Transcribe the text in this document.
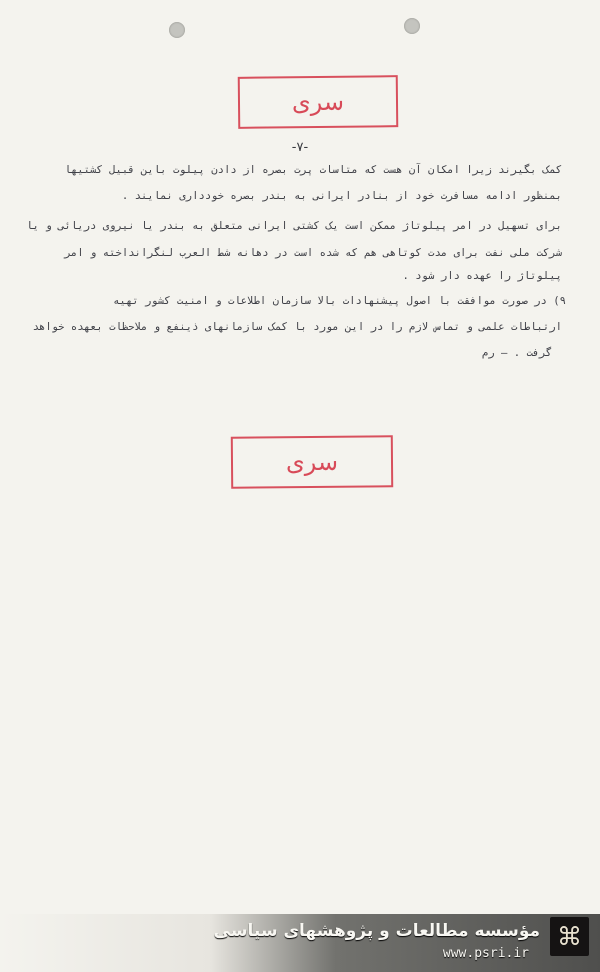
سری
-۷-
کمک بگیرند زیرا امکان آن هست که متاسات پرت بصره از دادن پیلوت باین قبیل کشتیها
بمنظور ادامه مسافرت خود از بنادر ایرانی به بندر بصره خودداری نمایند .
برای تسهیل در امر پیلوتاژ ممکن است یک کشتی ایرانی متعلق به بندر یا نیروی دریائی و یا
شرکت ملی نفت برای مدت کوتاهی هم که شده است در دهانه شط العرب لنگرانداخته و امر
پیلوتاژ را عهده دار شود .
۹) در صورت موافقت با اصول پیشنهادات بالا سازمان اطلاعات و امنیت کشور تهیه
ارتباطات علمی و تماس لازم را در این مورد با کمک سازمانهای ذینفع و ملاحظات بعهده خواهد
گرفت . — رم
سری
مؤسسه مطالعات و پژوهشهای سیاسی
www.psri.ir
⌘
